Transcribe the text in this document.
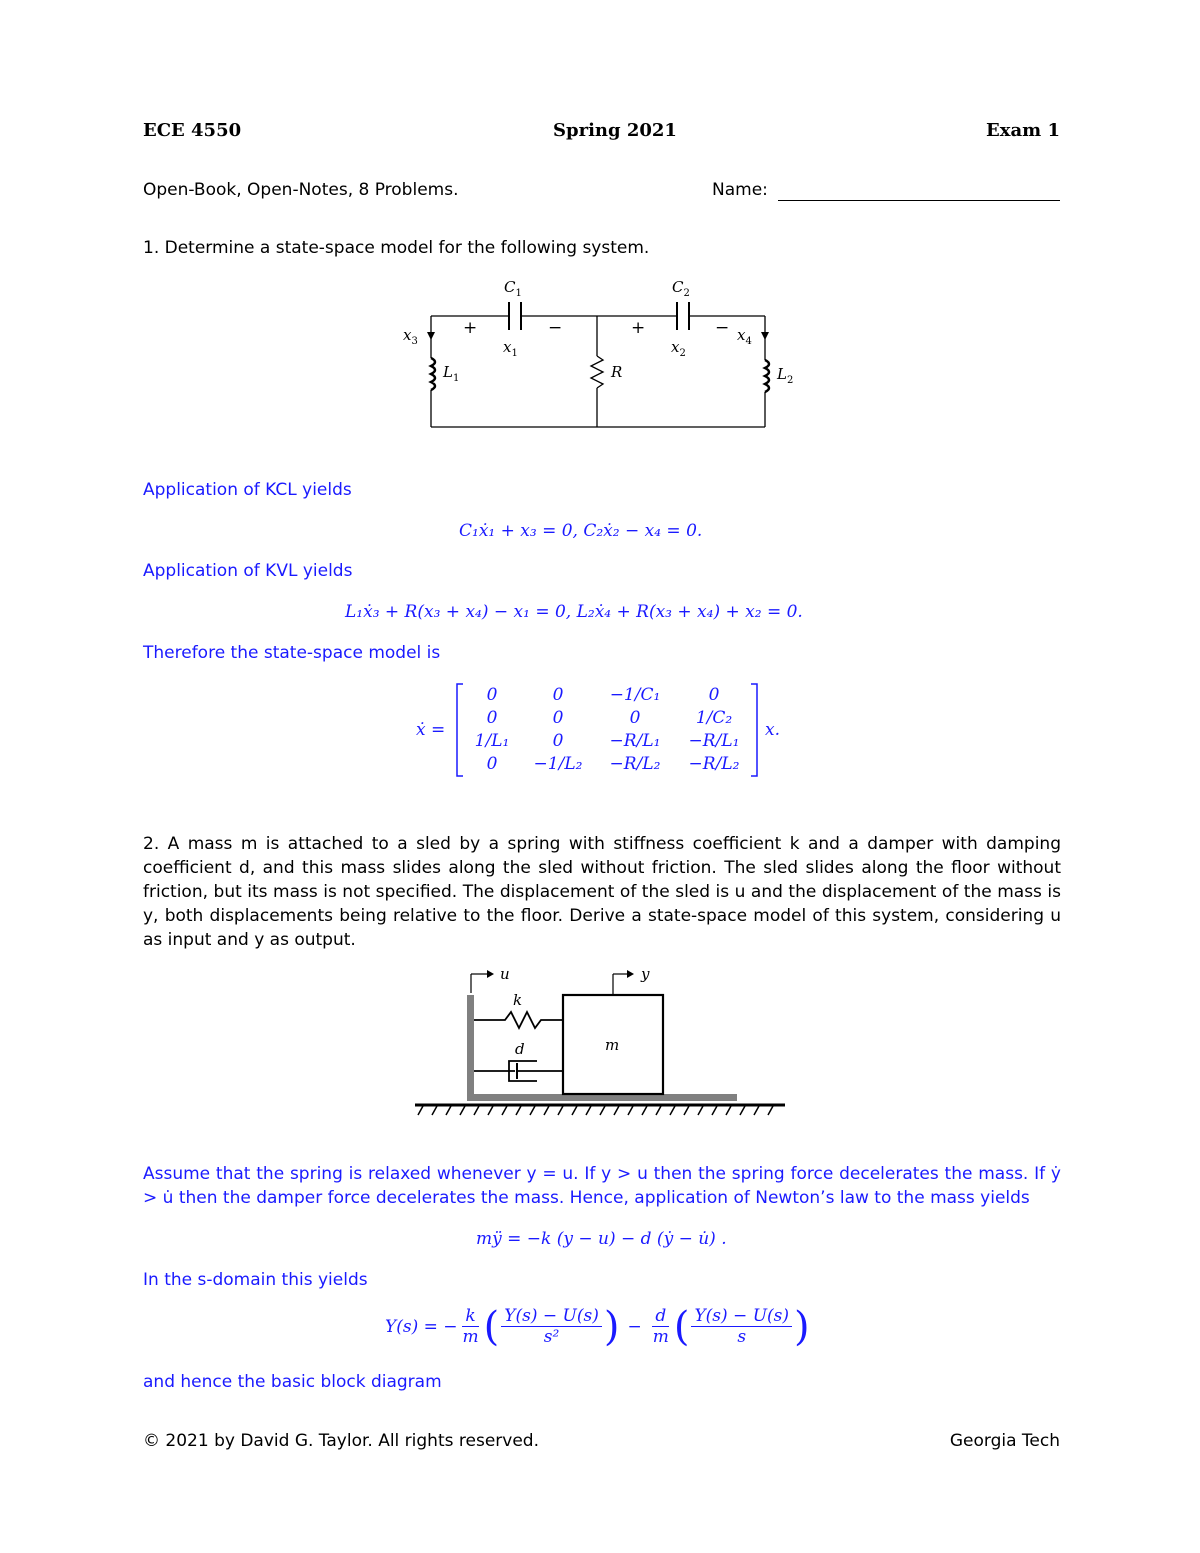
ECE 4550	Spring 2021	Exam 1
Open-Book, Open-Notes, 8 Problems.	Name:
1. Determine a state-space model for the following system.
$C_1$	$C_2$
$x_1$	$x_2$
$x_3$	$x_4$
$L_1$	$L_2$
R
+	−	+	−
Application of KCL yields
C₁ẋ₁ + x₃ = 0, C₂ẋ₂ − x₄ = 0.
Application of KVL yields
L₁ẋ₃ + R(x₃ + x₄) − x₁ = 0, L₂ẋ₄ + R(x₃ + x₄) + x₂ = 0.
Therefore the state-space model is
ẋ =
0	0	−1/C₁	0
0	0	0	1/C₂
1/L₁	0	−R/L₁	−R/L₁
0	−1/L₂	−R/L₂	−R/L₂
x.
2. A mass m is attached to a sled by a spring with stiffness coefficient k and a damper with damping coefficient d, and this mass slides along the sled without friction. The sled slides along the floor without friction, but its mass is not specified. The displacement of the sled is u and the displacement of the mass is y, both displacements being relative to the floor. Derive a state-space model of this system, considering u as input and y as output.
u	y
k
d	m
Assume that the spring is relaxed whenever y = u. If y > u then the spring force decelerates the mass. If ẏ > u̇ then the damper force decelerates the mass. Hence, application of Newton’s law to the mass yields
mÿ = −k (y − u) − d (ẏ − u̇) .
In the s-domain this yields
Y(s) = − $\frac{k}{m}$ ( $\frac{Y(s) - U(s)}{\text{s²}}$ ) − $\frac{d}{m}$ ( $\frac{Y(s) - U(s)}{s}$ )
and hence the basic block diagram
© 2021 by David G. Taylor. All rights reserved.	Georgia Tech
